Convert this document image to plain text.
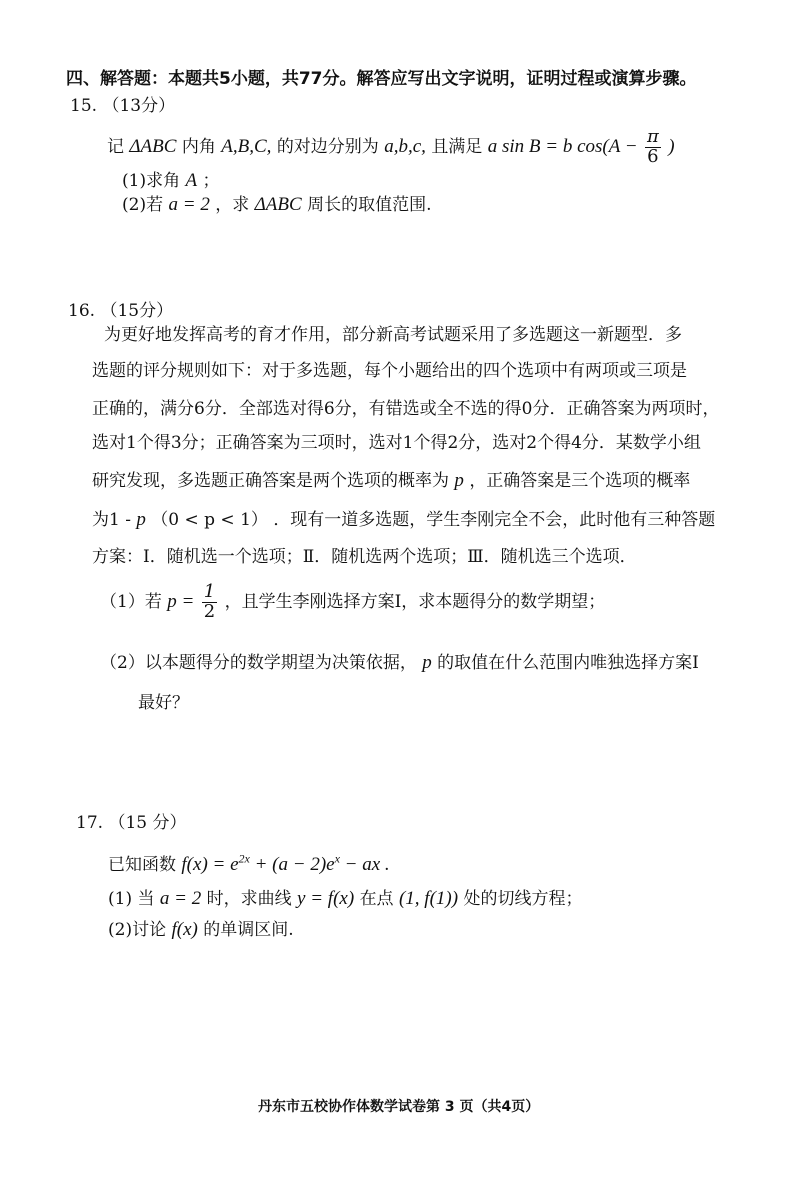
四、解答题：本题共5小题，共77分。解答应写出文字说明，证明过程或演算步骤。
15. （13分）
记 ΔABC 内角 A,B,C, 的对边分别为 a,b,c, 且满足 a sin B = b $\cos(A - \frac{\pi}{6}$ )
(1)求角 A ；
(2)若 a = 2 ，求 ΔABC 周长的取值范围.
16. （15分）
为更好地发挥高考的育才作用，部分新高考试题采用了多选题这一新题型．多
选题的评分规则如下：对于多选题，每个小题给出的四个选项中有两项或三项是
正确的，满分6分．全部选对得6分，有错选或全不选的得0分．正确答案为两项时，
选对1个得3分；正确答案为三项时，选对1个得2分，选对2个得4分．某数学小组
研究发现，多选题正确答案是两个选项的概率为 p ，正确答案是三个选项的概率
为1 - p （0 < p < 1） ．现有一道多选题，学生李刚完全不会，此时他有三种答题
方案：Ⅰ．随机选一个选项；Ⅱ．随机选两个选项；Ⅲ．随机选三个选项．
（1）若 $p = \frac{1}{2}$ ，且学生李刚选择方案Ⅰ，求本题得分的数学期望；
（2）以本题得分的数学期望为决策依据， p 的取值在什么范围内唯独选择方案Ⅰ
最好？
17. （15 分）
已知函数 $f(x) = e^{2x} + (a - 2)e^x$ − ax .
(1) 当 a = 2 时，求曲线 y = f(x) 在点 (1, f(1)) 处的切线方程；
(2)讨论 f(x) 的单调区间.
丹东市五校协作体数学试卷第 3 页（共4页）
